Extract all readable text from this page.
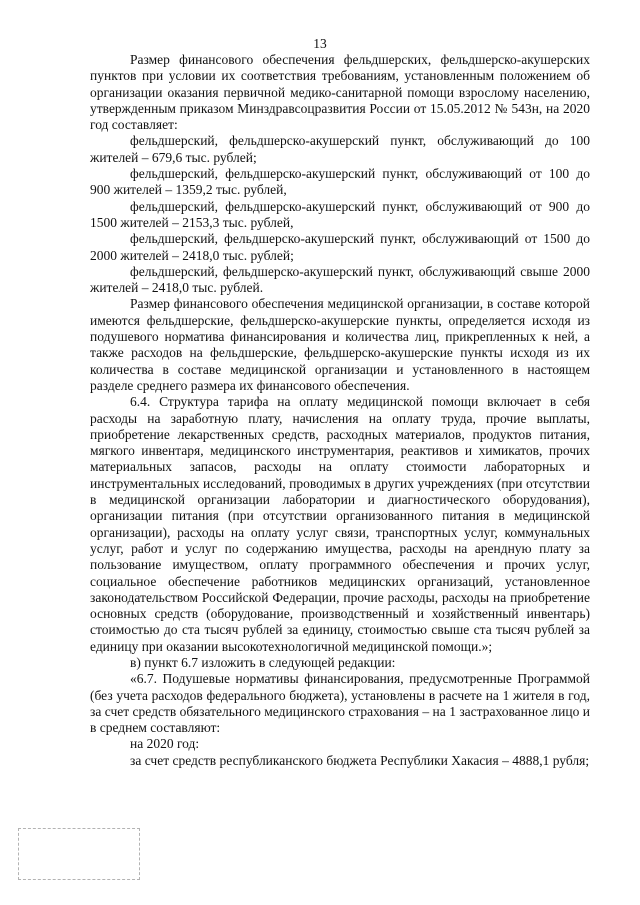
13

Размер финансового обеспечения фельдшерских, фельдшерско-акушерских пунктов при условии их соответствия требованиям, установленным положением об организации оказания первичной медико-санитарной помощи взрослому населению, утвержденным приказом Минздравсоцразвития России от 15.05.2012 № 543н, на 2020 год составляет:

фельдшерский, фельдшерско-акушерский пункт, обслуживающий до 100 жителей – 679,6 тыс. рублей;

фельдшерский, фельдшерско-акушерский пункт, обслуживающий от 100 до 900 жителей – 1359,2 тыс. рублей,

фельдшерский, фельдшерско-акушерский пункт, обслуживающий от 900 до 1500 жителей – 2153,3 тыс. рублей,

фельдшерский, фельдшерско-акушерский пункт, обслуживающий от 1500 до 2000 жителей – 2418,0 тыс. рублей;

фельдшерский, фельдшерско-акушерский пункт, обслуживающий свыше 2000 жителей – 2418,0 тыс. рублей.

Размер финансового обеспечения медицинской организации, в составе которой имеются фельдшерские, фельдшерско-акушерские пункты, определяется исходя из подушевого норматива финансирования и количества лиц, прикрепленных к ней, а также расходов на фельдшерские, фельдшерско-акушерские пункты исходя из их количества в составе медицинской организации и установленного в настоящем разделе среднего размера их финансового обеспечения.

6.4. Структура тарифа на оплату медицинской помощи включает в себя расходы на заработную плату, начисления на оплату труда, прочие выплаты, приобретение лекарственных средств, расходных материалов, продуктов питания, мягкого инвентаря, медицинского инструментария, реактивов и химикатов, прочих материальных запасов, расходы на оплату стоимости лабораторных и инструментальных исследований, проводимых в других учреждениях (при отсутствии в медицинской организации лаборатории и диагностического оборудования), организации питания (при отсутствии организованного питания в медицинской организации), расходы на оплату услуг связи, транспортных услуг, коммунальных услуг, работ и услуг по содержанию имущества, расходы на арендную плату за пользование имуществом, оплату программного обеспечения и прочих услуг, социальное обеспечение работников медицинских организаций, установленное законодательством Российской Федерации, прочие расходы, расходы на приобретение основных средств (оборудование, производственный и хозяйственный инвентарь) стоимостью до ста тысяч рублей за единицу, стоимостью свыше ста тысяч рублей за единицу при оказании высокотехнологичной медицинской помощи.»;

в) пункт 6.7 изложить в следующей редакции:

«6.7. Подушевые нормативы финансирования, предусмотренные Программой (без учета расходов федерального бюджета), установлены в расчете на 1 жителя в год, за счет средств обязательного медицинского страхования – на 1 застрахованное лицо и в среднем составляют:

на 2020 год:

за счет средств республиканского бюджета Республики Хакасия – 4888,1 рубля;
